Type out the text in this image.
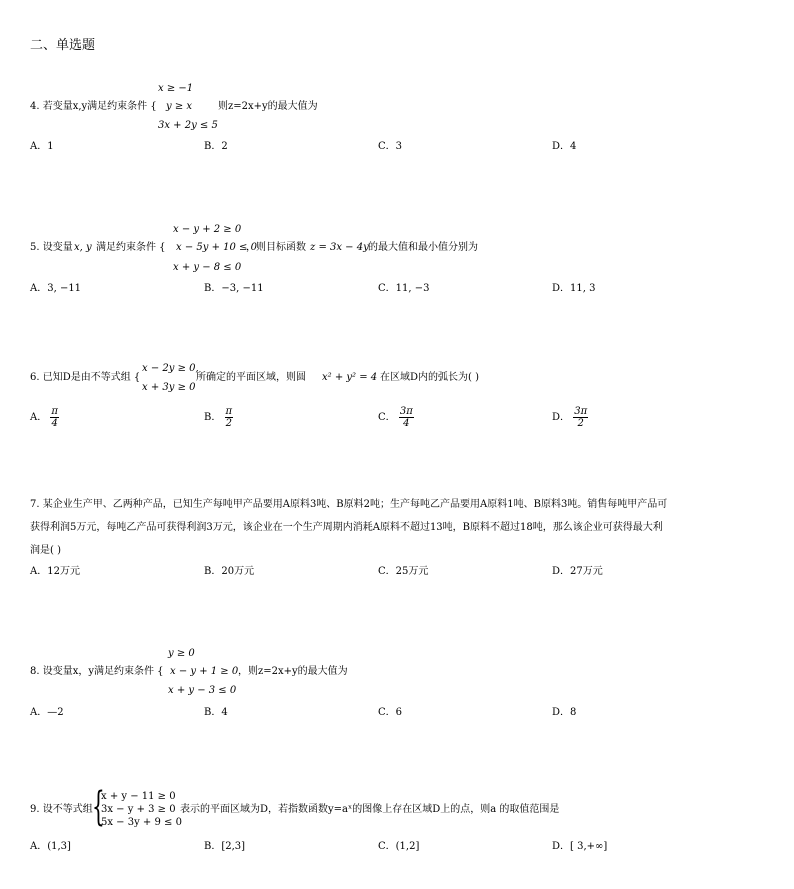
二、单选题
x ≥ −1
4. 若变量x,y满足约束条件 { y ≥ x	则z=2x+y的最大值为
3x + 2y ≤ 5
A．1	B．2	C．3	D．4
x − y + 2 ≥ 0
5. 设变量 x, y 满足约束条件 { x − 5y + 10 ≤ 0
，则目标函数 z = 3x − 4y 的最大值和最小值分别为
x + y − 8 ≤ 0
A．3, −11	B．−3, −11	C．11, −3	D．11, 3
6. 已知D是由不等式组 {
x − 2y ≥ 0,
x + 3y ≥ 0
所确定的平面区域，则圆 x² + y² = 4 在区域D内的弧长为( )
A． $\frac{\pi}{4}$	B． $\frac{\pi}{2}$	C． $\frac{3\pi}{4}$	D． $\frac{3\pi}{2}$
7. 某企业生产甲、乙两种产品，已知生产每吨甲产品要用A原料3吨、B原料2吨；生产每吨乙产品要用A原料1吨、B原料3吨。销售每吨甲产品可
获得利润5万元，每吨乙产品可获得利润3万元，该企业在一个生产周期内消耗A原料不超过13吨，B原料不超过18吨，那么该企业可获得最大利
润是( )
A．12万元	B．20万元	C．25万元	D．27万元
y ≥ 0
8. 设变量x，y满足约束条件 { x − y + 1 ≥ 0 ，则z=2x+y的最大值为
x + y − 3 ≤ 0
A．—2	B．4	C．6	D．8
9. 设不等式组 {
x + y − 11 ≥ 0
3x − y + 3 ≥ 0
5x − 3y + 9 ≤ 0
表示的平面区域为D，若指数函数y=aˣ的图像上存在区域D上的点，则a 的取值范围是
A．(1,3]	B．[2,3]	C．(1,2]	D．[ 3,+∞]
